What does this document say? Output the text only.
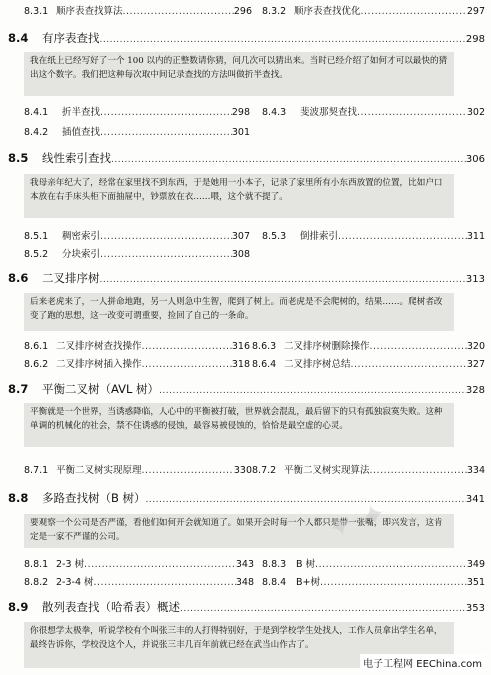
8.3.1 顺序表查找算法 .....	296 8.3.2 顺序表查找优化 .....	297
8.4	有序表查找 .....	298
我在纸上已经写好了一个 100 以内的正整数请你猜，问几次可以猜出来。当时已经介绍了如何才可以最快的猜出这个数字。我们把这种每次取中间记录查找的方法叫做折半查找。
8.4.1 折半查找 .....	298 8.4.3 斐波那契查找 .....	302
8.4.2 插值查找 .....	301
8.5	线性索引查找 .....	306
我母亲年纪大了，经常在家里找不到东西，于是她用一小本子，记录了家里所有小东西放置的位置，比如户口本放在右手床头柜下面抽屉中，钞票放在衣……喂，这个就不提了。
8.5.1 稠密索引 .....	307 8.5.3 倒排索引 .....	311
8.5.2 分块索引 .....	308
8.6	二叉排序树 .....	313
后来老虎来了，一人拼命地跑，另一人则急中生智，爬到了树上。而老虎是不会爬树的，结果……。爬树者改变了跑的思想，这一改变可谓重要，捡回了自己的一条命。
8.6.1 二叉排序树查找操作 .....	316 8.6.3 二叉排序树删除操作 .....	320
8.6.2 二叉排序树插入操作 .....	318 8.6.4 二叉排序树总结 .....	327
8.7	平衡二叉树（AVL 树） .....	328
平衡就是一个世界，当诱惑降临，人心中的平衡被打破，世界就会混乱，最后留下的只有孤独寂寞失败。这种单调的机械化的社会，禁不住诱惑的侵蚀，最容易被侵蚀的，恰恰是最空虚的心灵。
8.7.1 平衡二叉树实现原理 .....	330 8.7.2 平衡二叉树实现算法 .....	334
8.8	多路查找树（B 树） .....	341
要观察一个公司是否严谨，看他们如何开会就知道了。如果开会时每一个人都只是带一张嘴，即兴发言，这肯定是一家不严谨的公司。
8.8.1 2-3 树 .....	343 8.8.3 B 树 .....	349
8.8.2 2-3-4 树 .....	348 8.8.4 B+树 .....	351
8.9	散列表查找（哈希表）概述 .....	353
你很想学太极拳，听说学校有个叫张三丰的人打得特别好，于是到学校学生处找人，工作人员拿出学生名单，最终告诉你，学校没这个人，并说张三丰几百年前就已经在武当山作古了。
✦ ✦
电子工程网 EEChina.com
